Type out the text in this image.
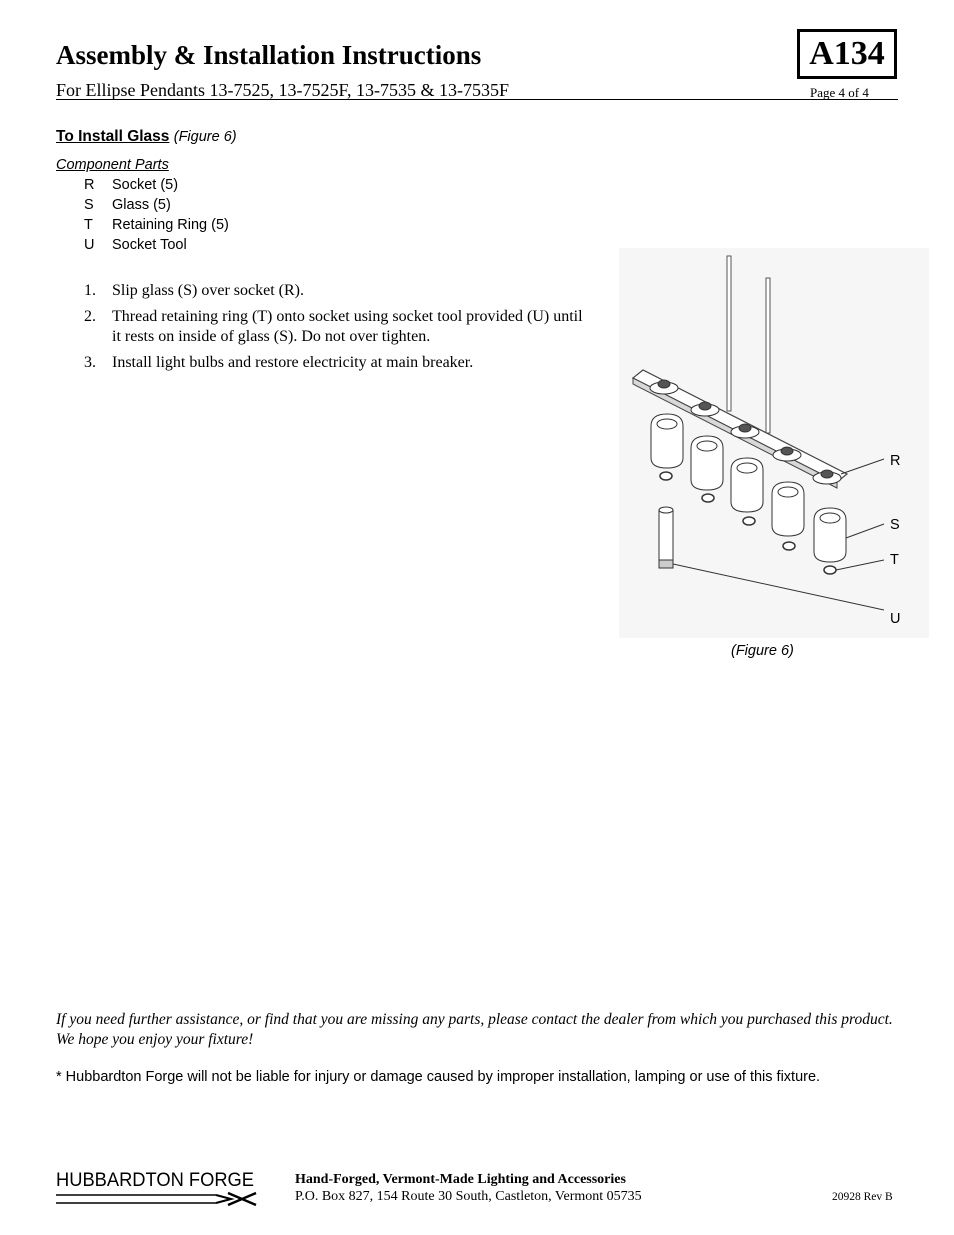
Assembly & Installation Instructions	A134
For Ellipse Pendants 13-7525, 13-7525F, 13-7535 & 13-7535F	Page 4 of 4
To Install Glass (Figure 6)
Component Parts
R Socket (5)
S Glass (5)
T Retaining Ring (5)
U Socket Tool
1. Slip glass (S) over socket (R).
2. Thread retaining ring (T) onto socket using socket tool provided (U) until it rests on inside of glass (S). Do not over tighten.
3. Install light bulbs and restore electricity at main breaker.
R
S
T
U
(Figure 6)
If you need further assistance, or find that you are missing any parts, please contact the dealer from which you purchased this product. We hope you enjoy your fixture!
* Hubbardton Forge will not be liable for injury or damage caused by improper installation, lamping or use of this fixture.
HUBBARDTON FORGE	Hand-Forged, Vermont-Made Lighting and Accessories
P.O. Box 827, 154 Route 30 South, Castleton, Vermont 05735	20928 Rev B
